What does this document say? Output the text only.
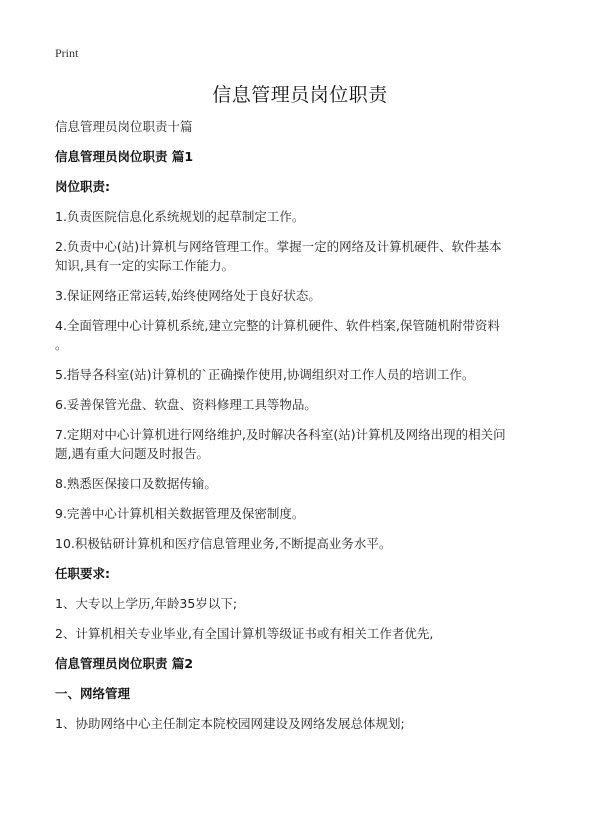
Print
信息管理员岗位职责

信息管理员岗位职责十篇

信息管理员岗位职责 篇1

岗位职责:

1.负责医院信息化系统规划的起草制定工作。

2.负责中心(站)计算机与网络管理工作。掌握一定的网络及计算机硬件、软件基本

知识,具有一定的实际工作能力。

3.保证网络正常运转,始终使网络处于良好状态。

4.全面管理中心计算机系统,建立完整的计算机硬件、软件档案,保管随机附带资料

。

5.指导各科室(站)计算机的`正确操作使用,协调组织对工作人员的培训工作。

6.妥善保管光盘、软盘、资料修理工具等物品。

7.定期对中心计算机进行网络维护,及时解决各科室(站)计算机及网络出现的相关问

题,遇有重大问题及时报告。

8.熟悉医保接口及数据传输。

9.完善中心计算机相关数据管理及保密制度。

10.积极钻研计算机和医疗信息管理业务,不断提高业务水平。

任职要求:

1、大专以上学历,年龄35岁以下;

2、计算机相关专业毕业,有全国计算机等级证书或有相关工作者优先,

信息管理员岗位职责 篇2

一、网络管理

1、协助网络中心主任制定本院校园网建设及网络发展总体规划;
